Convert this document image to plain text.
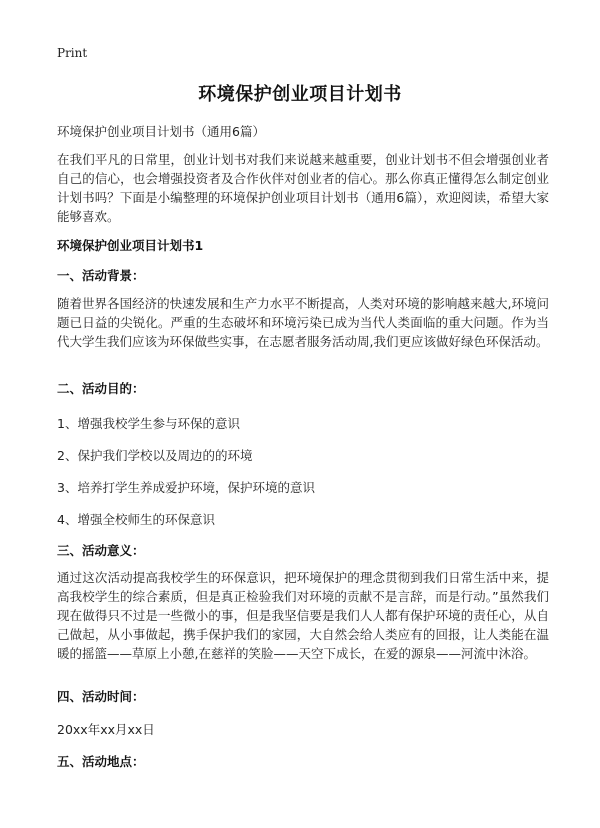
Print
环境保护创业项目计划书
环境保护创业项目计划书（通用6篇）

在我们平凡的日常里，创业计划书对我们来说越来越重要，创业计划书不但会增强创业者自己的信心，也会增强投资者及合作伙伴对创业者的信心。那么你真正懂得怎么制定创业计划书吗？下面是小编整理的环境保护创业项目计划书（通用6篇），欢迎阅读，希望大家能够喜欢。

环境保护创业项目计划书1
一、活动背景：

随着世界各国经济的快速发展和生产力水平不断提高，人类对环境的影响越来越大,环境问题已日益的尖锐化。严重的生态破坏和环境污染已成为当代人类面临的重大问题。作为当代大学生我们应该为环保做些实事，在志愿者服务活动周,我们更应该做好绿色环保活动。

二、活动目的：
1、增强我校学生参与环保的意识
2、保护我们学校以及周边的的环境
3、培养打学生养成爱护环境，保护环境的意识
4、增强全校师生的环保意识
三、活动意义：

通过这次活动提高我校学生的环保意识，把环境保护的理念贯彻到我们日常生活中来，提高我校学生的综合素质，但是真正检验我们对环境的贡献不是言辞，而是行动。”虽然我们现在做得只不过是一些微小的事，但是我坚信要是我们人人都有保护环境的责任心，从自己做起，从小事做起，携手保护我们的家园，大自然会给人类应有的回报，让人类能在温暖的摇篮——草原上小憩,在慈祥的笑脸——天空下成长，在爱的源泉——河流中沐浴。

四、活动时间：
20xx年xx月xx日
五、活动地点：
